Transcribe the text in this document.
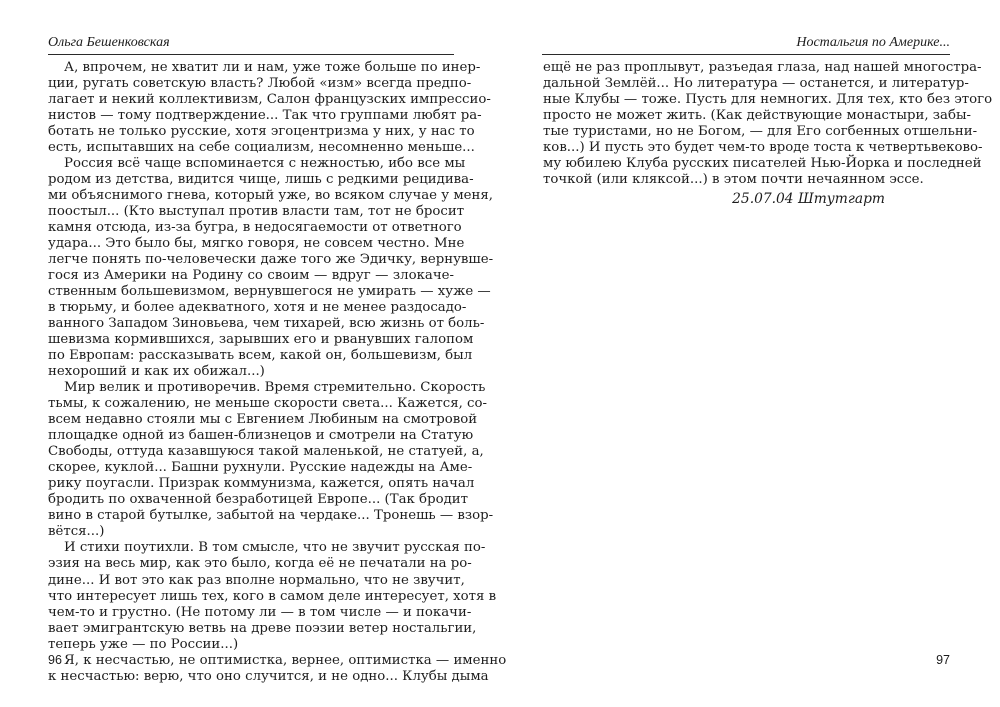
Ольга Бешенковская
А, впрочем, не хватит ли и нам, уже тоже больше по инер-
ции, ругать советскую власть? Любой «изм» всегда предпо-
лагает и некий коллективизм, Салон французских импрессио-
нистов — тому подтверждение... Так что группами любят ра-
ботать не только русские, хотя эгоцентризма у них, у нас то
есть, испытавших на себе социализм, несомненно меньше...
Россия всё чаще вспоминается с нежностью, ибо все мы
родом из детства, видится чище, лишь с редкими рецидива-
ми объяснимого гнева, который уже, во всяком случае у меня,
поостыл... (Кто выступал против власти там, тот не бросит
камня отсюда, из-за бугра, в недосягаемости от ответного
удара... Это было бы, мягко говоря, не совсем честно. Мне
легче понять по-человечески даже того же Эдичку, вернувше-
гося из Америки на Родину со своим — вдруг — злокаче-
ственным большевизмом, вернувшегося не умирать — хуже —
в тюрьму, и более адекватного, хотя и не менее раздосадо-
ванного Западом Зиновьева, чем тихарей, всю жизнь от боль-
шевизма кормившихся, зарывших его и рванувших галопом
по Европам: рассказывать всем, какой он, большевизм, был
нехороший и как их обижал...)
Мир велик и противоречив. Время стремительно. Скорость
тьмы, к сожалению, не меньше скорости света... Кажется, со-
всем недавно стояли мы с Евгением Любиным на смотровой
площадке одной из башен-близнецов и смотрели на Статую
Свободы, оттуда казавшуюся такой маленькой, не статуей, а,
скорее, куклой... Башни рухнули. Русские надежды на Аме-
рику поугасли. Призрак коммунизма, кажется, опять начал
бродить по охваченной безработицей Европе... (Так бродит
вино в старой бутылке, забытой на чердаке... Тронешь — взор-
вётся...)
И стихи поутихли. В том смысле, что не звучит русская по-
эзия на весь мир, как это было, когда её не печатали на ро-
дине... И вот это как раз вполне нормально, что не звучит,
что интересует лишь тех, кого в самом деле интересует, хотя в
чем-то и грустно. (Не потому ли — в том числе — и покачи-
вает эмигрантскую ветвь на древе поэзии ветер ностальгии,
теперь уже — по России...)
Я, к несчастью, не оптимистка, вернее, оптимистка — именно
к несчастью: верю, что оно случится, и не одно... Клубы дыма
96
Ностальгия по Америке...
ещё не раз проплывут, разъедая глаза, над нашей многостра-
дальной Землёй... Но литература — останется, и литератур-
ные Клубы — тоже. Пусть для немногих. Для тех, кто без этого
просто не может жить. (Как действующие монастыри, забы-
тые туристами, но не Богом, — для Его согбенных отшельни-
ков...) И пусть это будет чем-то вроде тоста к четвертьвеково-
му юбилею Клуба русских писателей Нью-Йорка и последней
точкой (или кляксой...) в этом почти нечаянном эссе.
25.07.04 Штутгарт
97
